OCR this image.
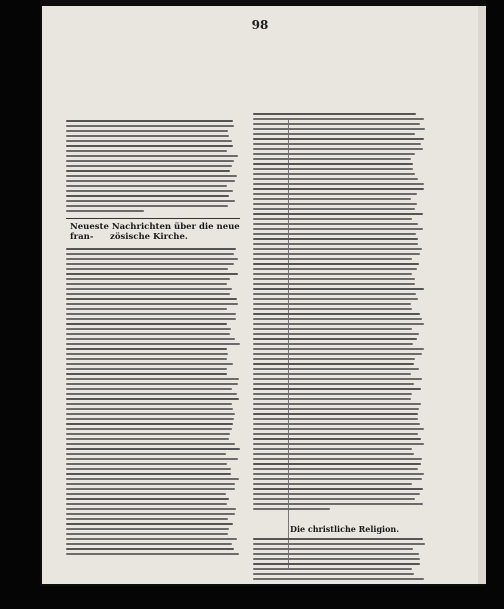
98
Neueste Nachrichten über die neue fran-	zösische Kirche.
Die christliche Religion.
